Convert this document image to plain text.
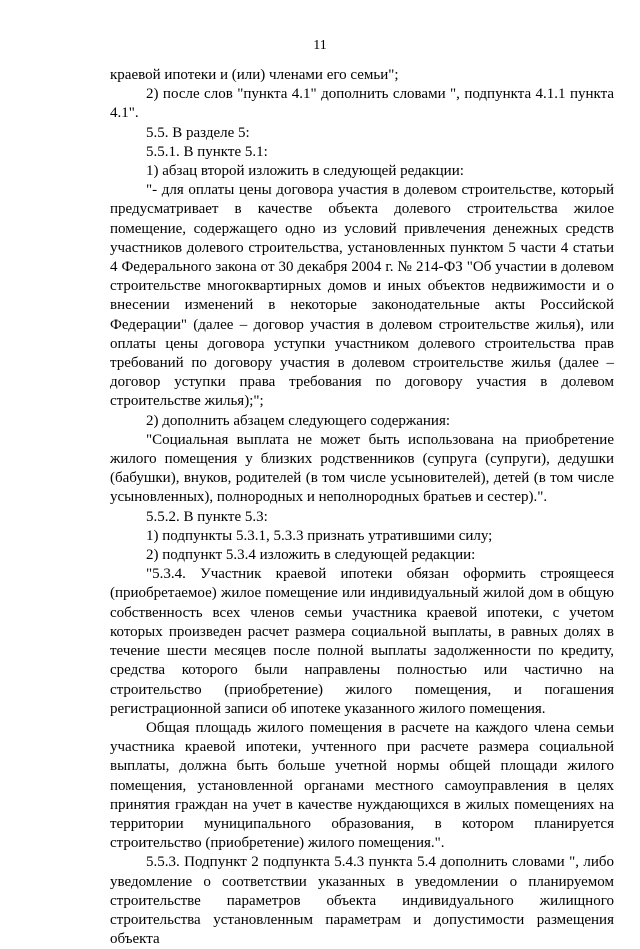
11

краевой ипотеки и (или) членами его семьи";

2) после слов "пункта 4.1" дополнить словами ", подпункта 4.1.1 пункта 4.1".

5.5. В разделе 5:

5.5.1. В пункте 5.1:

1) абзац второй изложить в следующей редакции:

"- для оплаты цены договора участия в долевом строительстве, который предусматривает в качестве объекта долевого строительства жилое помещение, содержащего одно из условий привлечения денежных средств участников долевого строительства, установленных пунктом 5 части 4 статьи 4 Федерального закона от 30 декабря 2004 г. № 214-ФЗ "Об участии в долевом строительстве многоквартирных домов и иных объектов недвижимости и о внесении изменений в некоторые законодательные акты Российской Федерации" (далее – договор участия в долевом строительстве жилья), или оплаты цены договора уступки участником долевого строительства прав требований по договору участия в долевом строительстве жилья (далее – договор уступки права требования по договору участия в долевом строительстве жилья);";

2) дополнить абзацем следующего содержания:

"Социальная выплата не может быть использована на приобретение жилого помещения у близких родственников (супруга (супруги), дедушки (бабушки), внуков, родителей (в том числе усыновителей), детей (в том числе усыновленных), полнородных и неполнородных братьев и сестер).".

5.5.2. В пункте 5.3:

1) подпункты 5.3.1, 5.3.3 признать утратившими силу;

2) подпункт 5.3.4 изложить в следующей редакции:

"5.3.4. Участник краевой ипотеки обязан оформить строящееся (приобретаемое) жилое помещение или индивидуальный жилой дом в общую собственность всех членов семьи участника краевой ипотеки, с учетом которых произведен расчет размера социальной выплаты, в равных долях в течение шести месяцев после полной выплаты задолженности по кредиту, средства которого были направлены полностью или частично на строительство (приобретение) жилого помещения, и погашения регистрационной записи об ипотеке указанного жилого помещения.

Общая площадь жилого помещения в расчете на каждого члена семьи участника краевой ипотеки, учтенного при расчете размера социальной выплаты, должна быть больше учетной нормы общей площади жилого помещения, установленной органами местного самоуправления в целях принятия граждан на учет в качестве нуждающихся в жилых помещениях на территории муниципального образования, в котором планируется строительство (приобретение) жилого помещения.".

5.5.3. Подпункт 2 подпункта 5.4.3 пункта 5.4 дополнить словами ", либо уведомление о соответствии указанных в уведомлении о планируемом строительстве параметров объекта индивидуального жилищного строительства установленным параметрам и допустимости размещения объекта
